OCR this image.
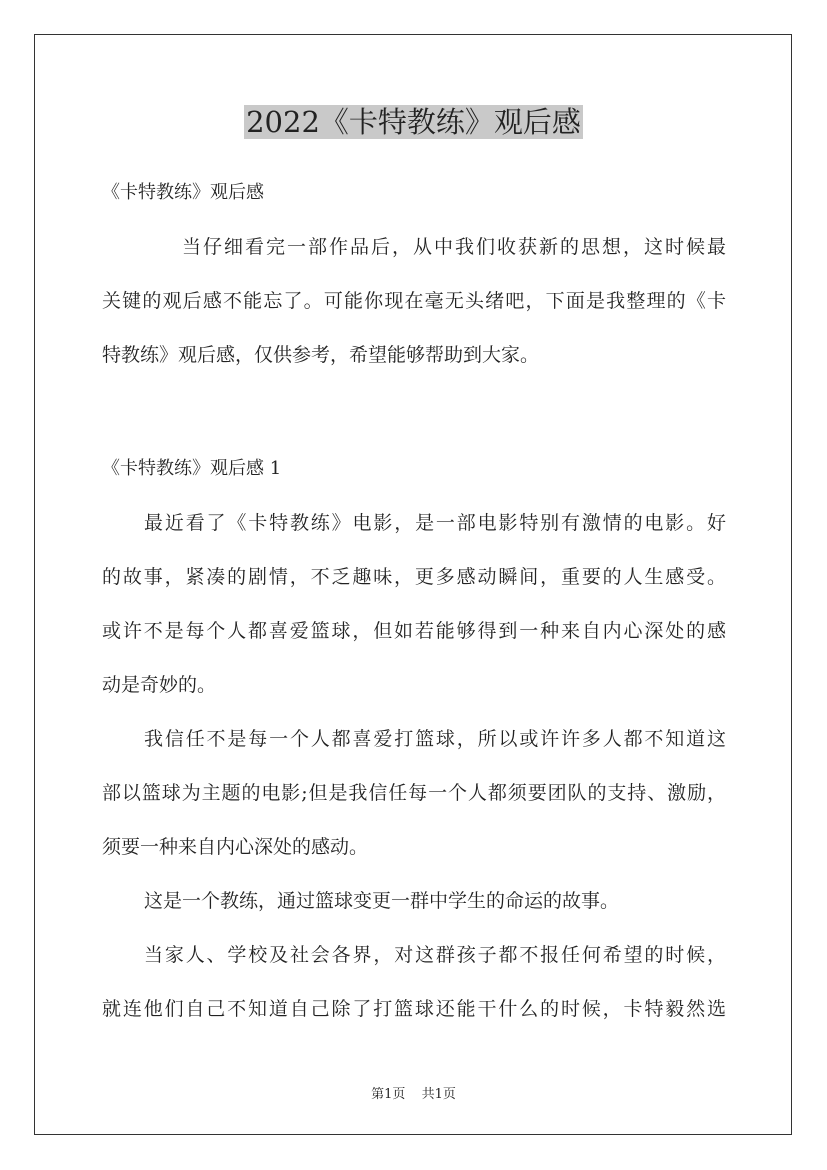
2022《卡特教练》观后感
《卡特教练》观后感
当仔细看完一部作品后，从中我们收获新的思想，这时候最
关键的观后感不能忘了。可能你现在毫无头绪吧，下面是我整理的《卡
特教练》观后感，仅供参考，希望能够帮助到大家。
《卡特教练》观后感 1
最近看了《卡特教练》电影，是一部电影特别有激情的电影。好
的故事，紧凑的剧情，不乏趣味，更多感动瞬间，重要的人生感受。
或许不是每个人都喜爱篮球，但如若能够得到一种来自内心深处的感
动是奇妙的。
我信任不是每一个人都喜爱打篮球，所以或许许多人都不知道这
部以篮球为主题的电影;但是我信任每一个人都须要团队的支持、激励，
须要一种来自内心深处的感动。
这是一个教练，通过篮球变更一群中学生的命运的故事。
当家人、学校及社会各界，对这群孩子都不报任何希望的时候，
就连他们自己不知道自己除了打篮球还能干什么的时候，卡特毅然选
第1页 共1页
